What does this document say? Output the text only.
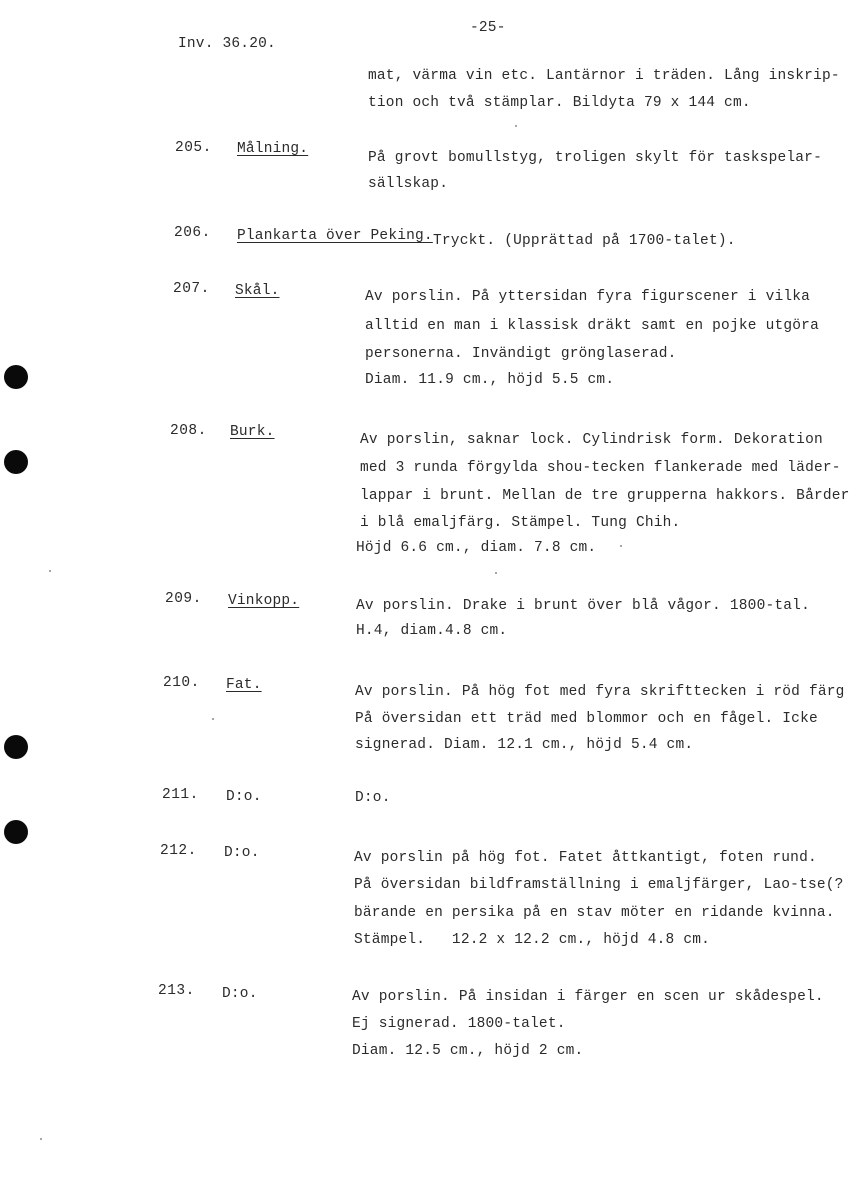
Inv. 36.20.
-25-
mat, värma vin etc. Lantärnor i träden. Lång inskrip-
tion och två stämplar. Bildyta 79 x 144 cm.
205. Målning.
På grovt bomullstyg, troligen skylt för taskspelar-
sällskap.
206. Plankarta över Peking. Tryckt. (Upprättad på 1700-talet).
207. Skål.	Av porslin. På yttersidan fyra figurscener i vilka
alltid en man i klassisk dräkt samt en pojke utgöra
personerna. Invändigt grönglaserad.
Diam. 11.9 cm., höjd 5.5 cm.
208. Burk.	Av porslin, saknar lock. Cylindrisk form. Dekoration
med 3 runda förgylda shou-tecken flankerade med läder-
lappar i brunt. Mellan de tre grupperna hakkors. Bårder
i blå emaljfärg. Stämpel. Tung Chih.
Höjd 6.6 cm., diam. 7.8 cm.
209. Vinkopp.	Av porslin. Drake i brunt över blå vågor. 1800-tal.
H.4, diam.4.8 cm.
210. Fat.	Av porslin. På hög fot med fyra skrifttecken i röd färg
På översidan ett träd med blommor och en fågel. Icke
signerad. Diam. 12.1 cm., höjd 5.4 cm.
211. D:o.	D:o.
212. D:o.	Av porslin på hög fot. Fatet åttkantigt, foten rund.
På översidan bildframställning i emaljfärger, Lao-tse(?
bärande en persika på en stav möter en ridande kvinna.
Stämpel.   12.2 x 12.2 cm., höjd 4.8 cm.
213. D:o.	Av porslin. På insidan i färger en scen ur skådespel.
Ej signerad. 1800-talet.
Diam. 12.5 cm., höjd 2 cm.
